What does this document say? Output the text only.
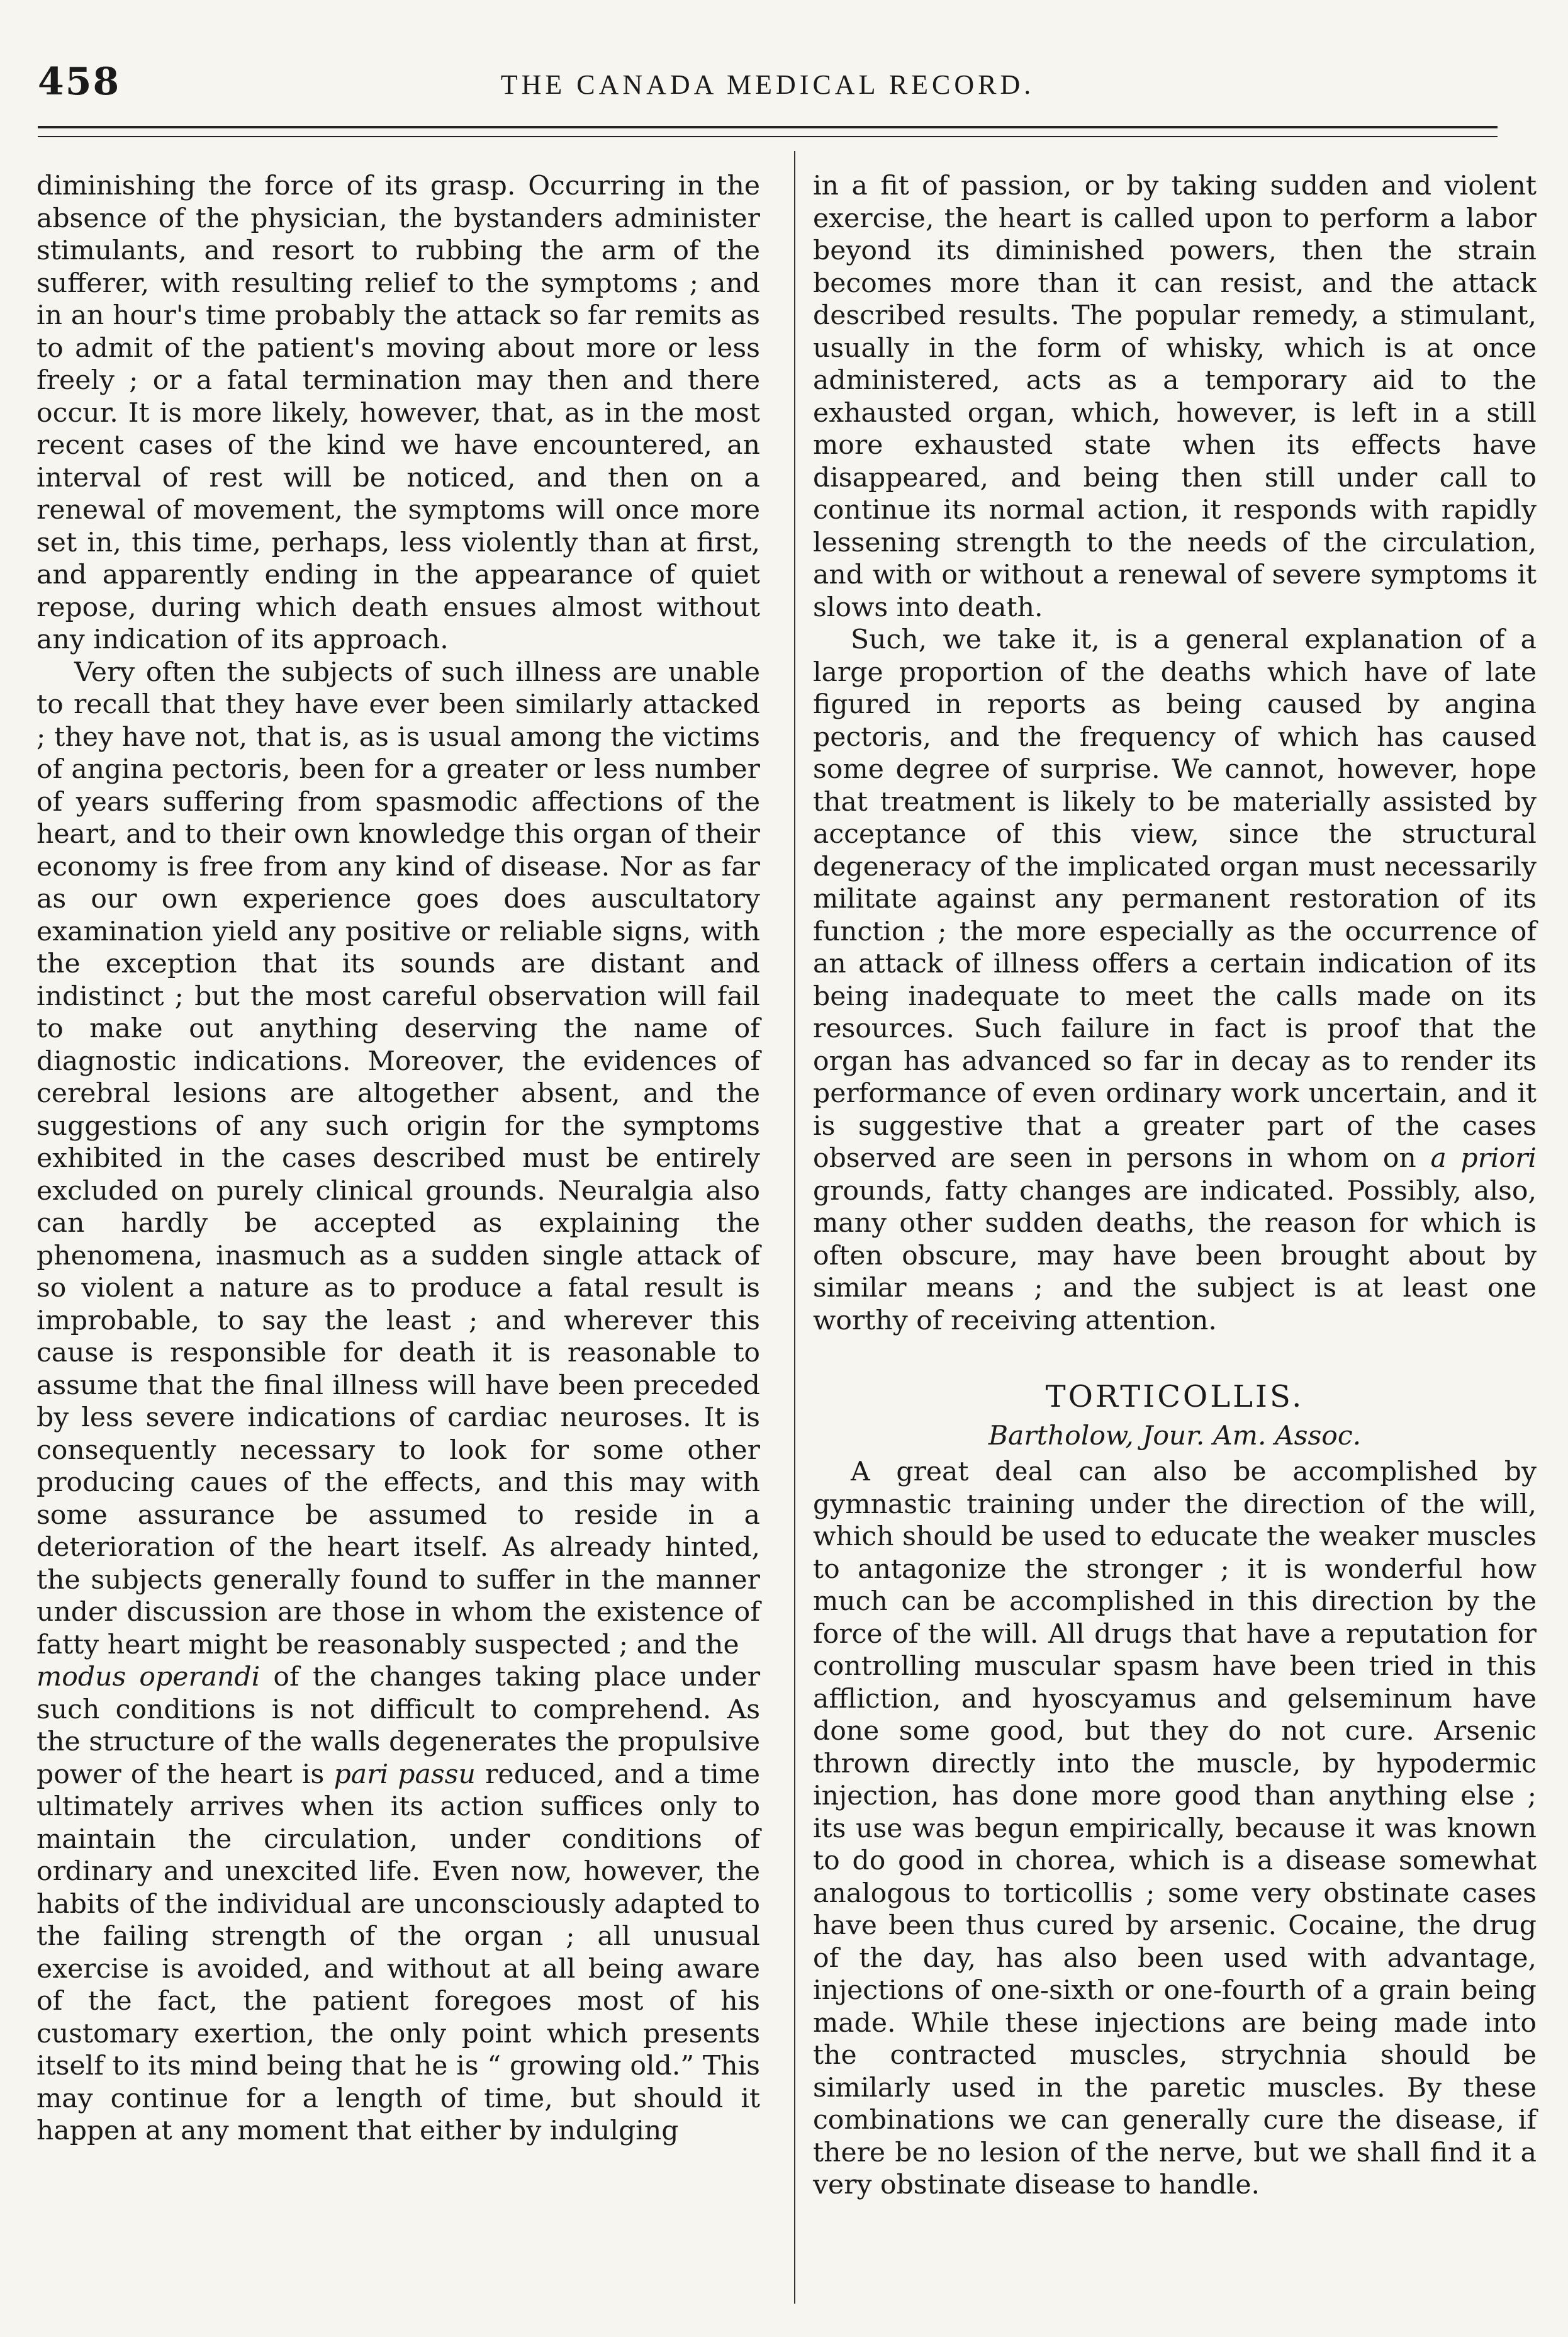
458	THE CANADA MEDICAL RECORD.

diminishing the force of its grasp. Occurring in the absence of the physician, the bystanders administer stimulants, and resort to rubbing the arm of the sufferer, with resulting relief to the symptoms ; and in an hour's time probably the attack so far remits as to admit of the patient's moving about more or less freely ; or a fatal termination may then and there occur. It is more likely, however, that, as in the most recent cases of the kind we have encountered, an interval of rest will be noticed, and then on a renewal of movement, the symptoms will once more set in, this time, perhaps, less violently than at first, and apparently ending in the appearance of quiet repose, during which death ensues almost without any indication of its approach.

Very often the subjects of such illness are unable to recall that they have ever been similarly attacked ; they have not, that is, as is usual among the victims of angina pectoris, been for a greater or less number of years suffering from spasmodic affections of the heart, and to their own knowledge this organ of their economy is free from any kind of disease. Nor as far as our own experience goes does auscultatory examination yield any positive or reliable signs, with the exception that its sounds are distant and indistinct ; but the most careful observation will fail to make out anything deserving the name of diagnostic indications. Moreover, the evidences of cerebral lesions are altogether absent, and the suggestions of any such origin for the symptoms exhibited in the cases described must be entirely excluded on purely clinical grounds. Neuralgia also can hardly be accepted as explaining the phenomena, inasmuch as a sudden single attack of so violent a nature as to produce a fatal result is improbable, to say the least ; and wherever this cause is responsible for death it is reasonable to assume that the final illness will have been preceded by less severe indications of cardiac neuroses. It is consequently necessary to look for some other producing caues of the effects, and this may with some assurance be assumed to reside in a deterioration of the heart itself. As already hinted, the subjects generally found to suffer in the manner under discussion are those in whom the existence of fatty heart might be reasonably suspected ; and the

modus operandi of the changes taking place under such conditions is not difficult to comprehend. As the structure of the walls degenerates the propulsive power of the heart is pari passu reduced, and a time ultimately arrives when its action suffices only to maintain the circulation, under conditions of ordinary and unexcited life. Even now, however, the habits of the individual are unconsciously adapted to the failing strength of the organ ; all unusual exercise is avoided, and without at all being aware of the fact, the patient foregoes most of his customary exertion, the only point which presents itself to its mind being that he is “ growing old.” This may continue for a length of time, but should it happen at any moment that either by indulging

in a fit of passion, or by taking sudden and violent exercise, the heart is called upon to perform a labor beyond its diminished powers, then the strain becomes more than it can resist, and the attack described results. The popular remedy, a stimulant, usually in the form of whisky, which is at once administered, acts as a temporary aid to the exhausted organ, which, however, is left in a still more exhausted state when its effects have disappeared, and being then still under call to continue its normal action, it responds with rapidly lessening strength to the needs of the circulation, and with or without a renewal of severe symptoms it slows into death.

Such, we take it, is a general explanation of a large proportion of the deaths which have of late figured in reports as being caused by angina pectoris, and the frequency of which has caused some degree of surprise. We cannot, however, hope that treatment is likely to be materially assisted by acceptance of this view, since the structural degeneracy of the implicated organ must necessarily militate against any permanent restoration of its function ; the more especially as the occurrence of an attack of illness offers a certain indication of its being inadequate to meet the calls made on its resources. Such failure in fact is proof that the organ has advanced so far in decay as to render its performance of even ordinary work uncertain, and it is suggestive that a greater part of the cases observed are seen in persons in whom on a priori grounds, fatty changes are indicated. Possibly, also, many other sudden deaths, the reason for which is often obscure, may have been brought about by similar means ; and the subject is at least one worthy of receiving attention.

TORTICOLLIS.
Bartholow, Jour. Am. Assoc.

A great deal can also be accomplished by gymnastic training under the direction of the will, which should be used to educate the weaker muscles to antagonize the stronger ; it is wonderful how much can be accomplished in this direction by the force of the will. All drugs that have a reputation for controlling muscular spasm have been tried in this affliction, and hyoscyamus and gelseminum have done some good, but they do not cure. Arsenic thrown directly into the muscle, by hypodermic injection, has done more good than anything else ; its use was begun empirically, because it was known to do good in chorea, which is a disease somewhat analogous to torticollis ; some very obstinate cases have been thus cured by arsenic. Cocaine, the drug of the day, has also been used with advantage, injections of one-sixth or one-fourth of a grain being made. While these injections are being made into the contracted muscles, strychnia should be similarly used in the paretic muscles. By these combinations we can generally cure the disease, if there be no lesion of the nerve, but we shall find it a very obstinate disease to handle.
